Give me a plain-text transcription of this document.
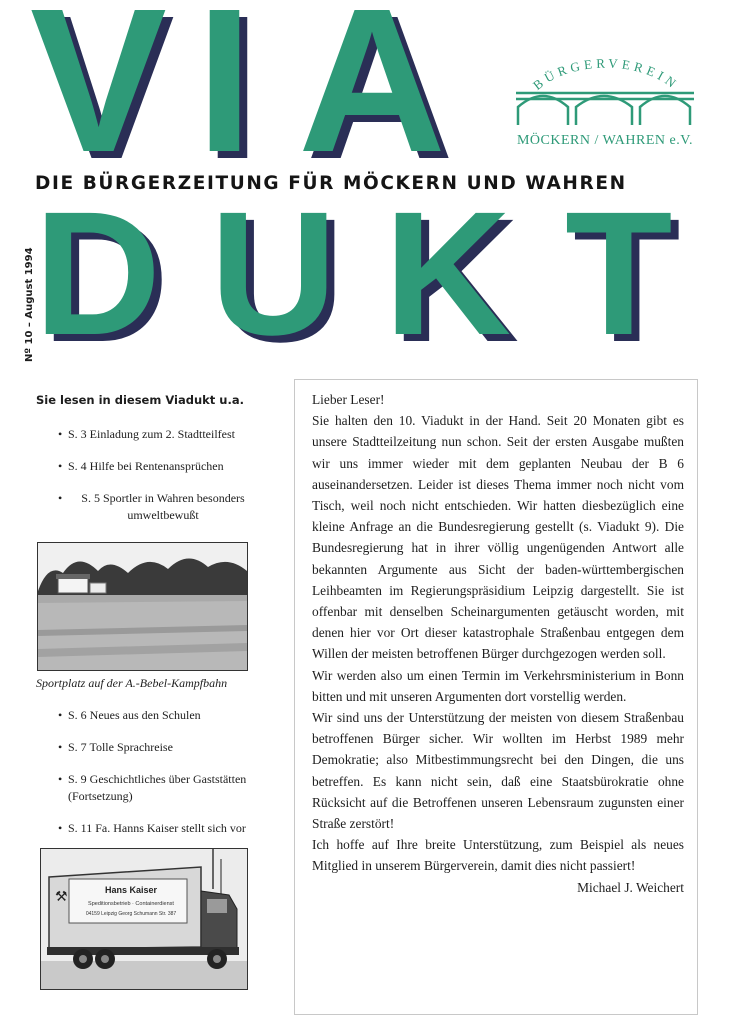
V I A
DIE BÜRGERZEITUNG FÜR MÖCKERN UND WAHREN
D U K T
Nº 10 – August 1994
BÜRGERVEREIN
MÖCKERN / WAHREN e.V.
Sie lesen in diesem Viadukt u.a.
• S. 3 Einladung zum 2. Stadtteilfest
• S. 4 Hilfe bei Rentenansprüchen
•	S. 5 Sportler in Wahren besonders umweltbewußt
Sportplatz auf der A.-Bebel-Kampfbahn
• S. 6 Neues aus den Schulen
• S. 7 Tolle Sprachreise
• S. 9 Geschichtliches über Gaststätten (Fortsetzung)
• S. 11 Fa. Hanns Kaiser stellt sich vor
⚒	Hans Kaiser
Speditionsbetrieb · Containerdienst
04159 Leipzig Georg Schumann Str. 387

Lieber Leser!

Sie halten den 10. Viadukt in der Hand. Seit 20 Monaten gibt es unsere Stadtteilzeitung nun schon. Seit der ersten Ausgabe mußten wir uns immer wieder mit dem geplanten Neubau der B 6 auseinandersetzen. Leider ist dieses Thema immer noch nicht vom Tisch, weil noch nicht entschieden. Wir hatten diesbezüglich eine kleine Anfrage an die Bundesregierung gestellt (s. Viadukt 9). Die Bundesregierung hat in ihrer völlig ungenügenden Antwort alle bekannten Argumente aus Sicht der baden-württembergischen Leihbeamten im Regierungspräsidium Leipzig dargestellt. Sie ist offenbar mit denselben Scheinargumenten getäuscht worden, mit denen hier vor Ort dieser katastrophale Straßenbau entgegen dem Willen der meisten betroffenen Bürger durchgezogen werden soll.

Wir werden also um einen Termin im Verkehrsministerium in Bonn bitten und mit unseren Argumenten dort vorstellig werden.

Wir sind uns der Unterstützung der meisten von diesem Straßenbau betroffenen Bürger sicher. Wir wollten im Herbst 1989 mehr Demokratie; also Mitbestimmungsrecht bei den Dingen, die uns betreffen. Es kann nicht sein, daß eine Staatsbürokratie ohne Rücksicht auf die Betroffenen unseren Lebensraum zugunsten einer Straße zerstört!

Ich hoffe auf Ihre breite Unterstützung, zum Beispiel als neues Mitglied in unserem Bürgerverein, damit dies nicht passiert!

Michael J. Weichert
